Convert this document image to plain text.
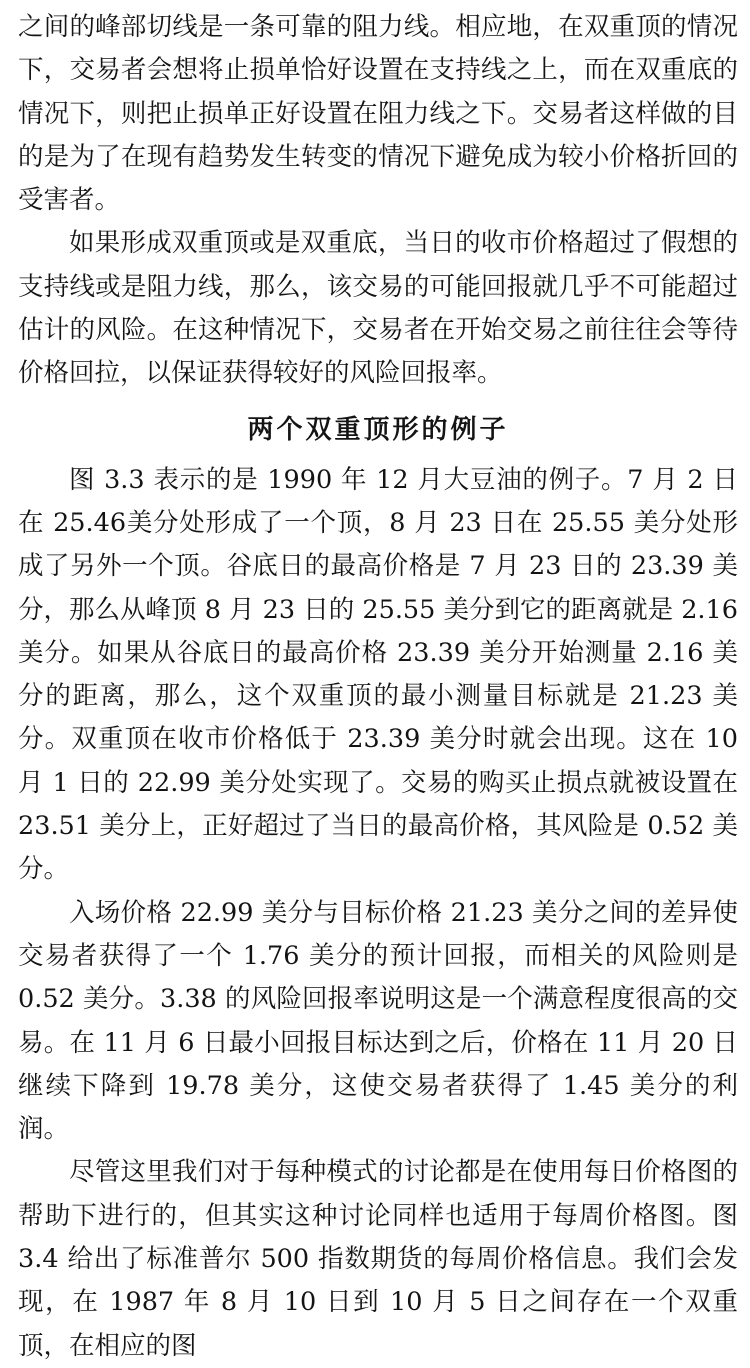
之间的峰部切线是一条可靠的阻力线。相应地，在双重顶的情况下，交易者会想将止损单恰好设置在支持线之上，而在双重底的情况下，则把止损单正好设置在阻力线之下。交易者这样做的目的是为了在现有趋势发生转变的情况下避免成为较小价格折回的受害者。

如果形成双重顶或是双重底，当日的收市价格超过了假想的支持线或是阻力线，那么，该交易的可能回报就几乎不可能超过估计的风险。在这种情况下，交易者在开始交易之前往往会等待价格回拉，以保证获得较好的风险回报率。

两个双重顶形的例子

图 3.3 表示的是 1990 年 12 月大豆油的例子。7 月 2 日在 25.46美分处形成了一个顶，8 月 23 日在 25.55 美分处形成了另外一个顶。谷底日的最高价格是 7 月 23 日的 23.39 美分，那么从峰顶 8 月 23 日的 25.55 美分到它的距离就是 2.16 美分。如果从谷底日的最高价格 23.39 美分开始测量 2.16 美分的距离，那么，这个双重顶的最小测量目标就是 21.23 美分。双重顶在收市价格低于 23.39 美分时就会出现。这在 10 月 1 日的 22.99 美分处实现了。交易的购买止损点就被设置在 23.51 美分上，正好超过了当日的最高价格，其风险是 0.52 美分。

入场价格 22.99 美分与目标价格 21.23 美分之间的差异使交易者获得了一个 1.76 美分的预计回报，而相关的风险则是 0.52 美分。3.38 的风险回报率说明这是一个满意程度很高的交易。在 11 月 6 日最小回报目标达到之后，价格在 11 月 20 日继续下降到 19.78 美分，这使交易者获得了 1.45 美分的利润。

尽管这里我们对于每种模式的讨论都是在使用每日价格图的帮助下进行的，但其实这种讨论同样也适用于每周价格图。图 3.4 给出了标准普尔 500 指数期货的每周价格信息。我们会发现，在 1987 年 8 月 10 日到 10 月 5 日之间存在一个双重顶，在相应的图
